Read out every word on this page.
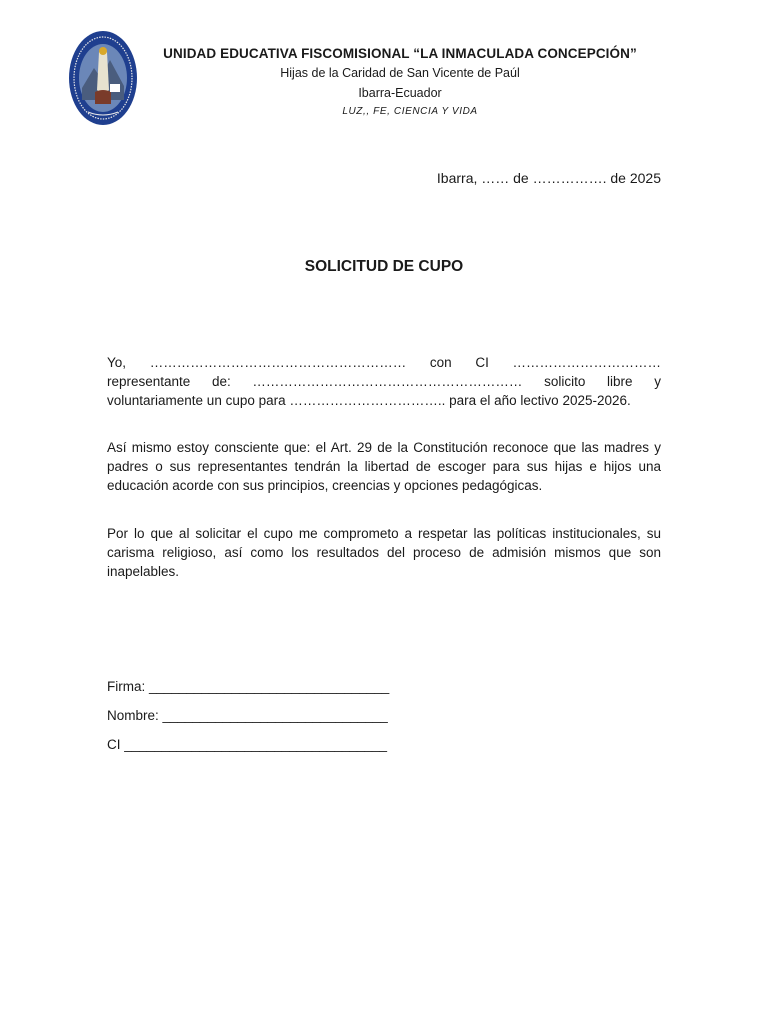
UNIDAD EDUCATIVA FISCOMISIONAL “LA INMACULADA CONCEPCIÓN”
Hijas de la Caridad de San Vicente de Paúl
Ibarra-Ecuador
LUZ,, FE, CIENCIA Y VIDA
Ibarra, …… de ……………. de 2025
SOLICITUD DE CUPO
Yo, ………………………………………………… con CI …………………………… representante de: …………………………………………………… solicito libre y voluntariamente un cupo para …………………………….. para el año lectivo 2025-2026.
Así mismo estoy consciente que: el Art. 29 de la Constitución reconoce que las madres y padres o sus representantes tendrán la libertad de escoger para sus hijas e hijos una educación acorde con sus principios, creencias y opciones pedagógicas.
Por lo que al solicitar el cupo me comprometo a respetar las políticas institucionales, su carisma religioso, así como los resultados del proceso de admisión mismos que son inapelables.
Firma: ________________________________
Nombre: ______________________________
CI ___________________________________
